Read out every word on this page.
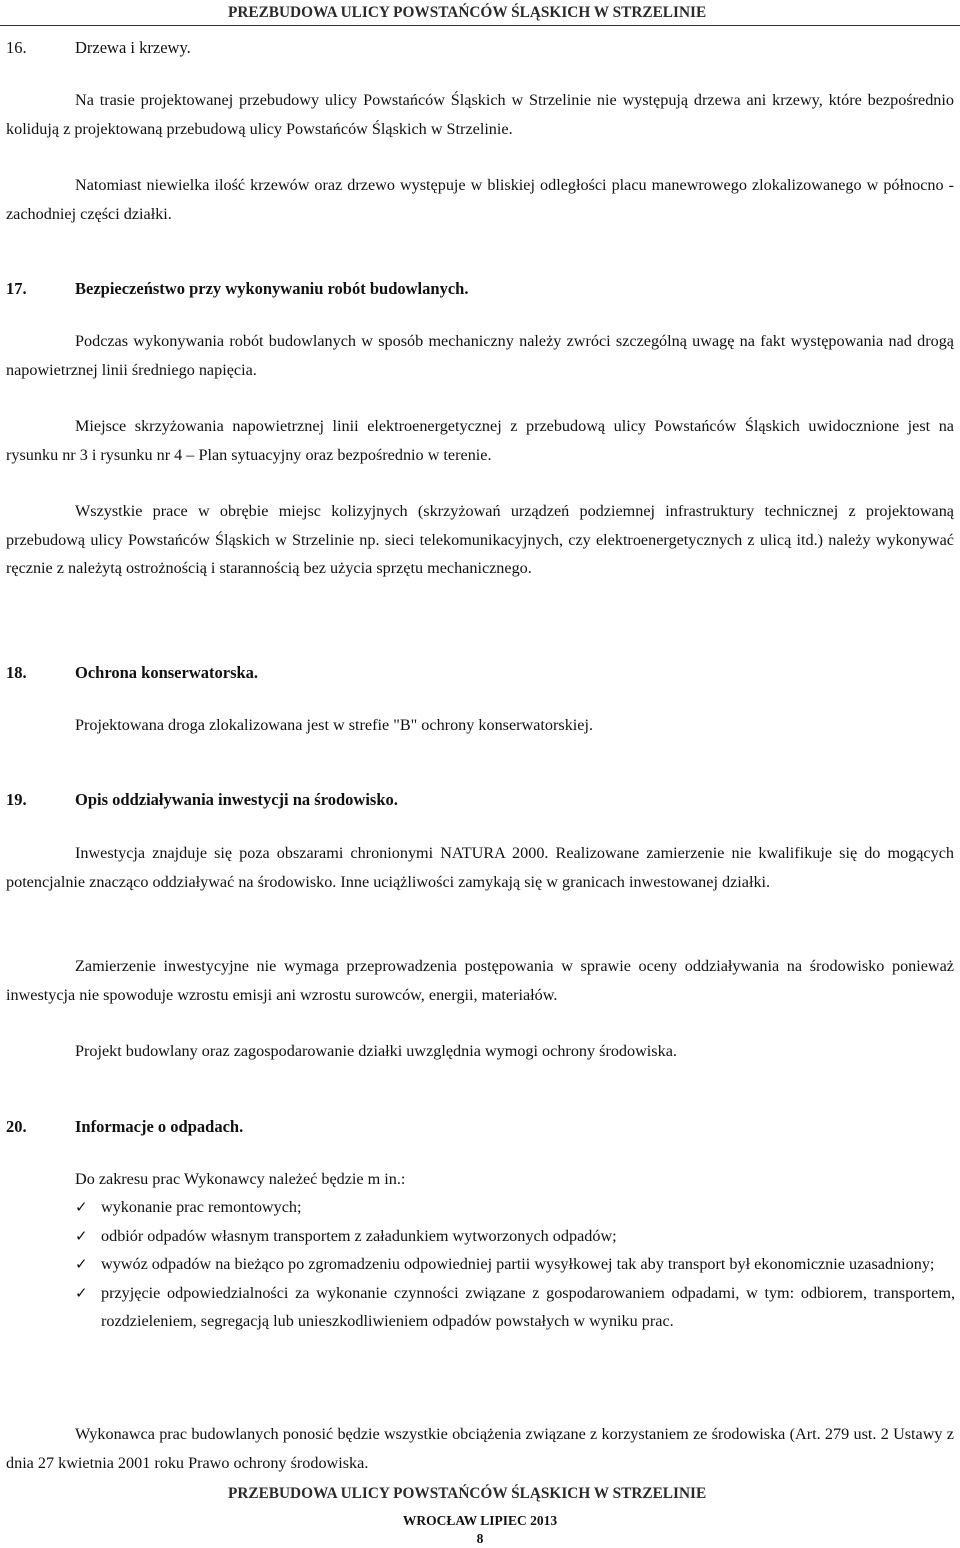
PREZBUDOWA ULICY POWSTAŃCÓW ŚLĄSKICH W STRZELINIE
16.	Drzewa i krzewy.

Na trasie projektowanej przebudowy ulicy Powstańców Śląskich w Strzelinie nie występują drzewa ani krzewy, które bezpośrednio kolidują z projektowaną przebudową ulicy Powstańców Śląskich w Strzelinie.

Natomiast niewielka ilość krzewów oraz drzewo występuje w bliskiej odległości placu manewrowego zlokalizowanego w północno - zachodniej części działki.

17.	Bezpieczeństwo przy wykonywaniu robót budowlanych.

Podczas wykonywania robót budowlanych w sposób mechaniczny należy zwróci szczególną uwagę na fakt występowania nad drogą napowietrznej linii średniego napięcia.

Miejsce skrzyżowania napowietrznej linii elektroenergetycznej z przebudową ulicy Powstańców Śląskich uwidocznione jest na rysunku nr 3 i rysunku nr 4 – Plan sytuacyjny oraz bezpośrednio w terenie.

Wszystkie prace w obrębie miejsc kolizyjnych (skrzyżowań urządzeń podziemnej infrastruktury technicznej z projektowaną przebudową ulicy Powstańców Śląskich w Strzelinie np. sieci telekomunikacyjnych, czy elektroenergetycznych z ulicą itd.) należy wykonywać ręcznie z należytą ostrożnością i starannością bez użycia sprzętu mechanicznego.

18.	Ochrona konserwatorska.

Projektowana droga zlokalizowana jest w strefie "B" ochrony konserwatorskiej.

19.	Opis oddziaływania inwestycji na środowisko.

Inwestycja znajduje się poza obszarami chronionymi NATURA 2000. Realizowane zamierzenie nie kwalifikuje się do mogących potencjalnie znacząco oddziaływać na środowisko. Inne uciążliwości zamykają się w granicach inwestowanej działki.

Zamierzenie inwestycyjne nie wymaga przeprowadzenia postępowania w sprawie oceny oddziaływania na środowisko ponieważ inwestycja nie spowoduje wzrostu emisji ani wzrostu surowców, energii, materiałów.

Projekt budowlany oraz zagospodarowanie działki uwzględnia wymogi ochrony środowiska.

20.	Informacje o odpadach.

Do zakresu prac Wykonawcy należeć będzie m in.:

✓ wykonanie prac remontowych;
✓ odbiór odpadów własnym transportem z załadunkiem wytworzonych odpadów;
✓ wywóz odpadów na bieżąco po zgromadzeniu odpowiedniej partii wysyłkowej tak aby transport był ekonomicznie uzasadniony;
✓ przyjęcie odpowiedzialności za wykonanie czynności związane z gospodarowaniem odpadami, w tym: odbiorem, transportem, rozdzieleniem, segregacją lub unieszkodliwieniem odpadów powstałych w wyniku prac.

Wykonawca prac budowlanych ponosić będzie wszystkie obciążenia związane z korzystaniem ze środowiska (Art. 279 ust. 2 Ustawy z dnia 27 kwietnia 2001 roku Prawo ochrony środowiska.

PRZEBUDOWA ULICY POWSTAŃCÓW ŚLĄSKICH W STRZELINIE
WROCŁAW LIPIEC 2013
8
